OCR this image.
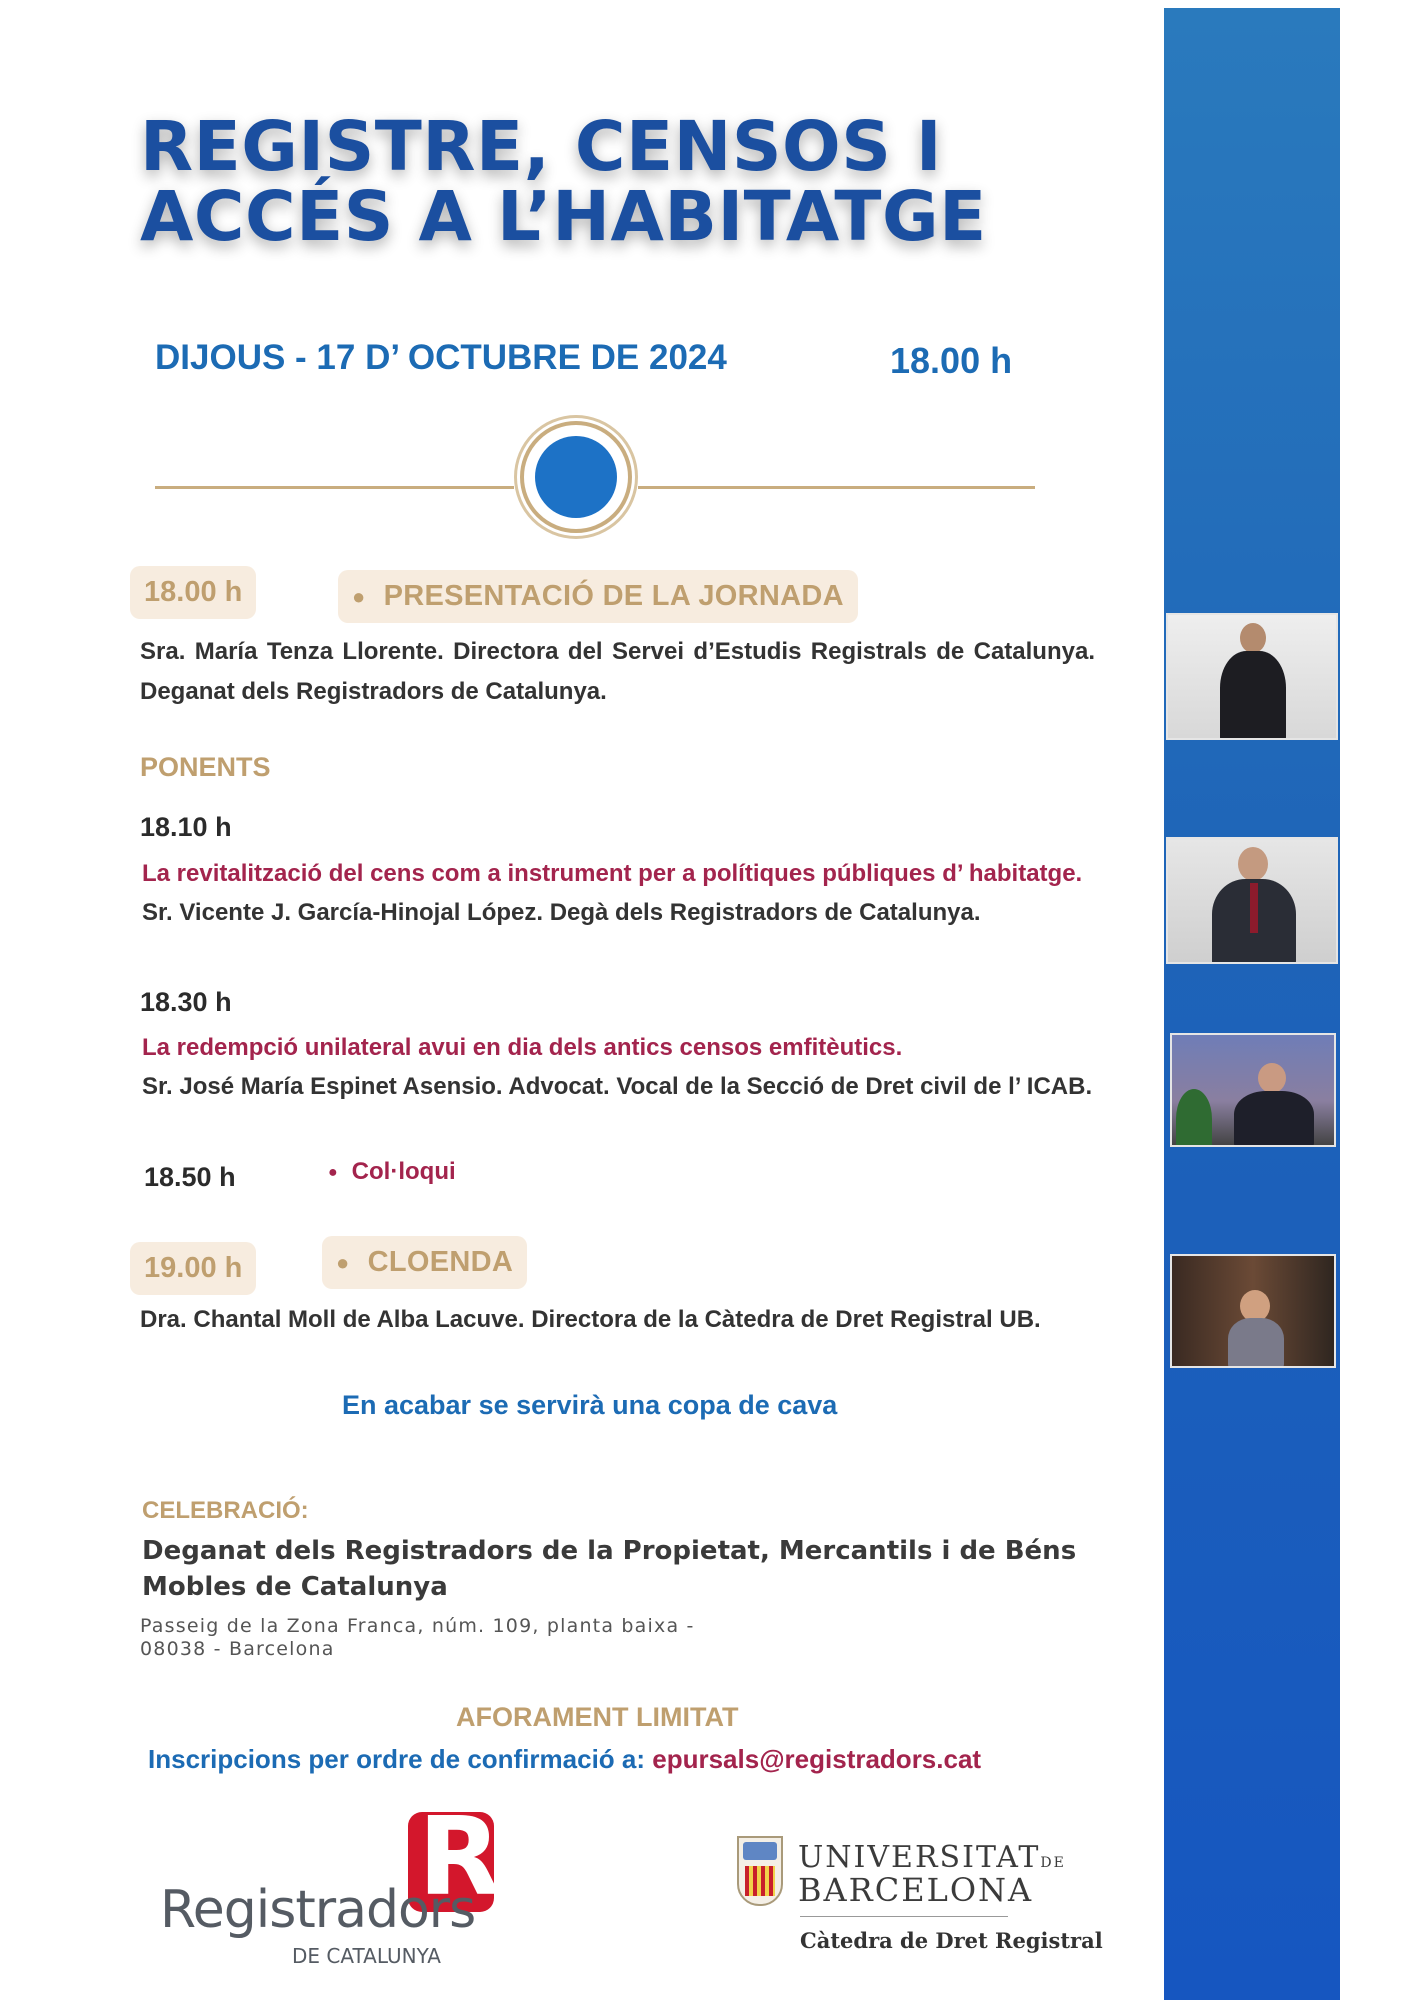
REGISTRE, CENSOS I
ACCÉS A L’HABITATGE
DIJOUS - 17 D’ OCTUBRE DE 2024	18.00 h
18.00 h	● PRESENTACIÓ DE LA JORNADA
Sra. María Tenza Llorente. Directora del Servei d’Estudis Registrals de Catalunya. Deganat dels Registradors de Catalunya.
PONENTS
18.10 h
La revitalització del cens com a instrument per a polítiques públiques d’ habitatge.
Sr. Vicente J. García-Hinojal López. Degà dels Registradors de Catalunya.
18.30 h
La redempció unilateral avui en dia dels antics censos emfitèutics.
Sr. José María Espinet Asensio. Advocat. Vocal de la Secció de Dret civil de l’ ICAB.
18.50 h	● Col·loqui
19.00 h	● CLOENDA
Dra. Chantal Moll de Alba Lacuve. Directora de la Càtedra de Dret Registral UB.
En acabar se servirà una copa de cava
CELEBRACIÓ:
Deganat dels Registradors de la Propietat, Mercantils i de Béns
Mobles de Catalunya
Passeig de la Zona Franca, núm. 109, planta baixa -
08038 - Barcelona
AFORAMENT LIMITAT
Inscripcions per ordre de confirmació a: epursals@registradors.cat
R
Registradors
DE CATALUNYA
UNIVERSITATDE
BARCELONA
Càtedra de Dret Registral
